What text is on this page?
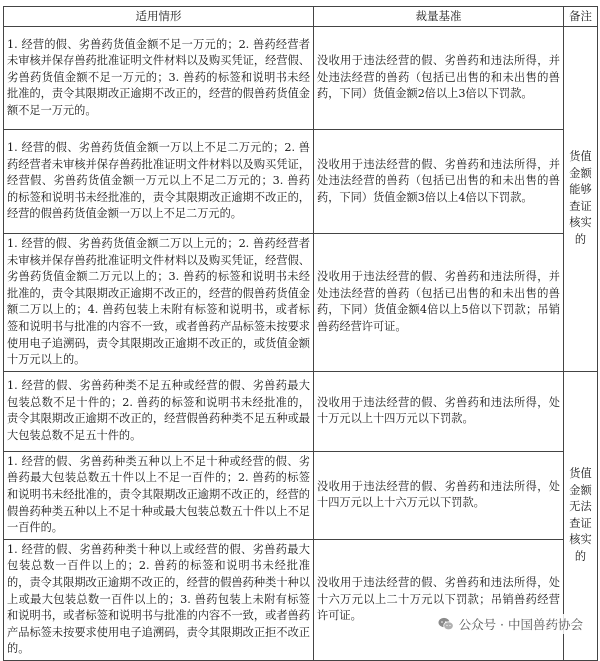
适用情形	裁量基准	备注
1. 经营的假、劣兽药货值金额不足一万元的；2. 兽药经营者未审核并保存兽药批准证明文件材料以及购买凭证，经营假、劣兽药货值金额不足一万元的；3. 兽药的标签和说明书未经批准的，责令其限期改正逾期不改正的，经营的假兽药货值金额不足一万元的。	没收用于违法经营的假、劣兽药和违法所得，并处违法经营的兽药（包括已出售的和未出售的兽药，下同）货值金额2倍以上3倍以下罚款。	货值金额能够查证核实的
1. 经营的假、劣兽药货值金额一万以上不足二万元的；2. 兽药经营者未审核并保存兽药批准证明文件材料以及购买凭证，经营假、劣兽药货值金额一万元以上不足二万元的；3. 兽药的标签和说明书未经批准的，责令其限期改正逾期不改正的，经营的假兽药货值金额一万以上不足二万元的。	没收用于违法经营的假、劣兽药和违法所得，并处违法经营的兽药（包括已出售的和未出售的兽药，下同）货值金额3倍以上4倍以下罚款。	
1. 经营的假、劣兽药货值金额二万以上元的；2. 兽药经营者未审核并保存兽药批准证明文件材料以及购买凭证，经营假、劣兽药货值金额二万元以上的；3. 兽药的标签和说明书未经批准的，责令其限期改正逾期不改正的，经营的假兽药货值金额二万以上的；4. 兽药包装上未附有标签和说明书，或者标签和说明书与批准的内容不一致，或者兽药产品标签未按要求使用电子追溯码，责令其限期改正逾期不改正的，或货值金额十万元以上的。	没收用于违法经营的假、劣兽药和违法所得，并处违法经营的兽药（包括已出售的和未出售的兽药，下同）货值金额4倍以上5倍以下罚款；吊销兽药经营许可证。	
1. 经营的假、劣兽药种类不足五种或经营的假、劣兽药最大包装总数不足十件的；2. 兽药的标签和说明书未经批准的，责令其限期改正逾期不改正的，经营假兽药种类不足五种或最大包装总数不足五十件的。	没收用于违法经营的假、劣兽药和违法所得，处十万元以上十四万元以下罚款。	货值金额无法查证核实的
1. 经营的假、劣兽药种类五种以上不足十种或经营的假、劣兽药最大包装总数五十件以上不足一百件的；2. 兽药的标签和说明书未经批准的，责令其限期改正逾期不改正的，经营的假兽药种类五种以上不足十种或最大包装总数五十件以上不足一百件的。	没收用于违法经营的假、劣兽药和违法所得，处十四万元以上十六万元以下罚款。	
1. 经营的假、劣兽药种类十种以上或经营的假、劣兽药最大包装总数一百件以上的；2. 兽药的标签和说明书未经批准的，责令其限期改正逾期不改正的，经营的假兽药种类十种以上或最大包装总数一百件以上的；3. 兽药包装上未附有标签和说明书，或者标签和说明书与批准的内容不一致，或者兽药产品标签未按要求使用电子追溯码，责令其限期改正拒不改正的。	没收用于违法经营的假、劣兽药和违法所得，处十六万元以上二十万元以下罚款；吊销兽药经营许可证。	
公众号 · 中国兽药协会
